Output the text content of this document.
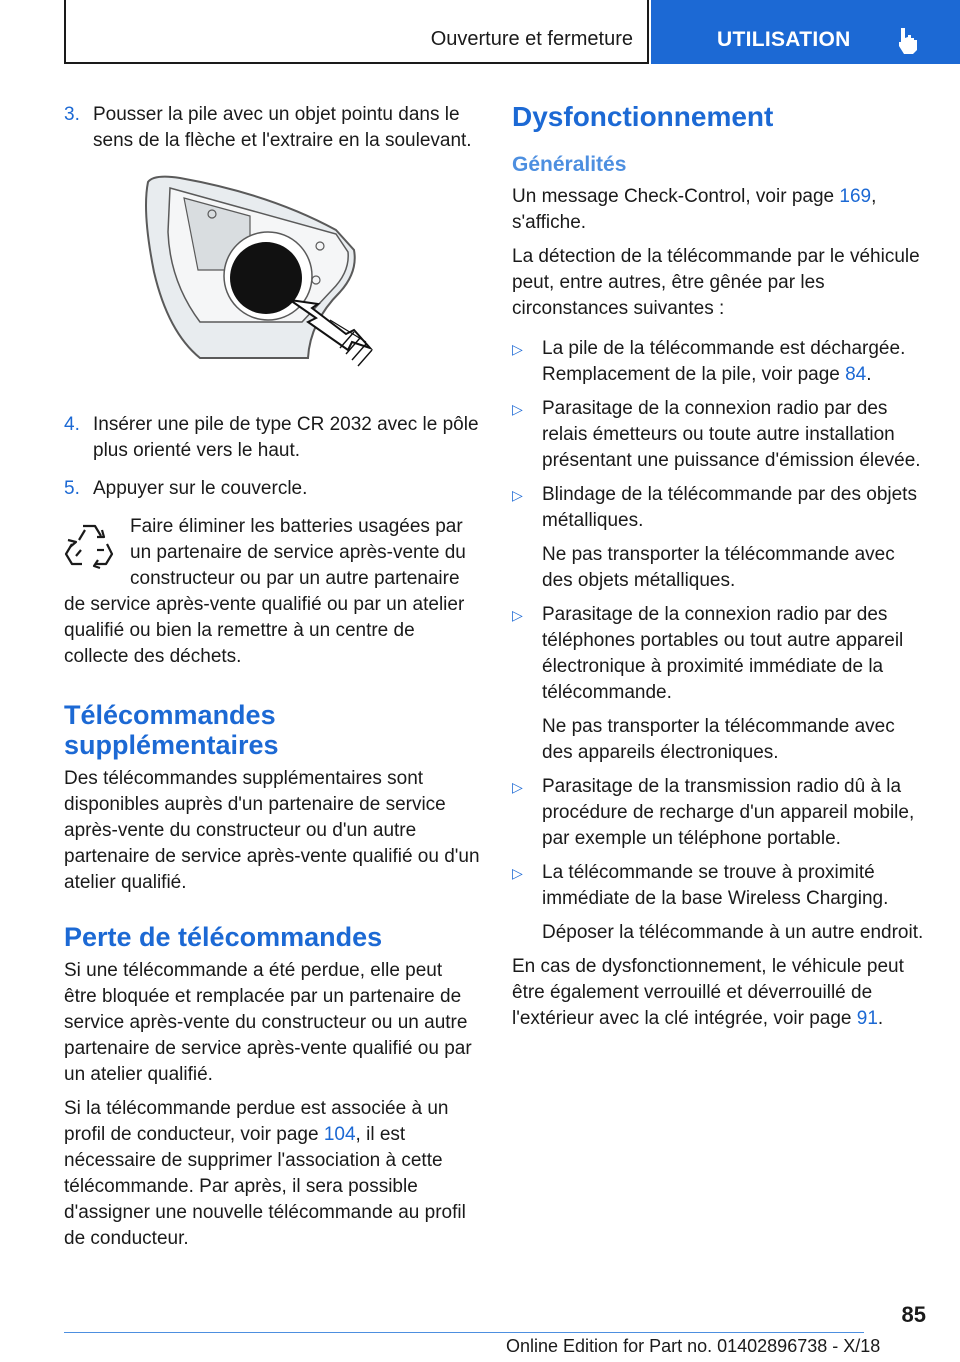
Ouverture et fermeture	UTILISATION
3. Pousser la pile avec un objet pointu dans le sens de la flèche et l'extraire en la soulevant.

4. Insérer une pile de type CR 2032 avec le pôle plus orienté vers le haut.

5. Appuyer sur le couvercle.

Faire éliminer les batteries usagées par un partenaire de service après-vente du constructeur ou par un autre partenaire de service après-vente qualifié ou par un atelier qualifié ou bien la remettre à un centre de collecte des déchets.

Télécommandes supplémentaires

Des télécommandes supplémentaires sont disponibles auprès d'un partenaire de service après-vente du constructeur ou d'un autre partenaire de service après-vente qualifié ou d'un atelier qualifié.

Perte de télécommandes

Si une télécommande a été perdue, elle peut être bloquée et remplacée par un partenaire de service après-vente du constructeur ou un autre partenaire de service après-vente qualifié ou par un atelier qualifié.

Si la télécommande perdue est associée à un profil de conducteur, voir page 104, il est nécessaire de supprimer l'association à cette télécommande. Par après, il sera possible d'assigner une nouvelle télécommande au profil de conducteur.

Dysfonctionnement
Généralités

Un message Check-Control, voir page 169, s'affiche.

La détection de la télécommande par le véhicule peut, entre autres, être gênée par les circonstances suivantes :

▷	La pile de la télécommande est déchargée. Remplacement de la pile, voir page 84.

▷	Parasitage de la connexion radio par des relais émetteurs ou toute autre installation présentant une puissance d'émission élevée.

▷	Blindage de la télécommande par des objets métalliques.

Ne pas transporter la télécommande avec des objets métalliques.

▷	Parasitage de la connexion radio par des téléphones portables ou tout autre appareil électronique à proximité immédiate de la télécommande.

Ne pas transporter la télécommande avec des appareils électroniques.

▷	Parasitage de la transmission radio dû à la procédure de recharge d'un appareil mobile, par exemple un téléphone portable.

▷	La télécommande se trouve à proximité immédiate de la base Wireless Charging.

Déposer la télécommande à un autre endroit.

En cas de dysfonctionnement, le véhicule peut être également verrouillé et déverrouillé de l'extérieur avec la clé intégrée, voir page 91.

85
Online Edition for Part no. 01402896738 - X/18
